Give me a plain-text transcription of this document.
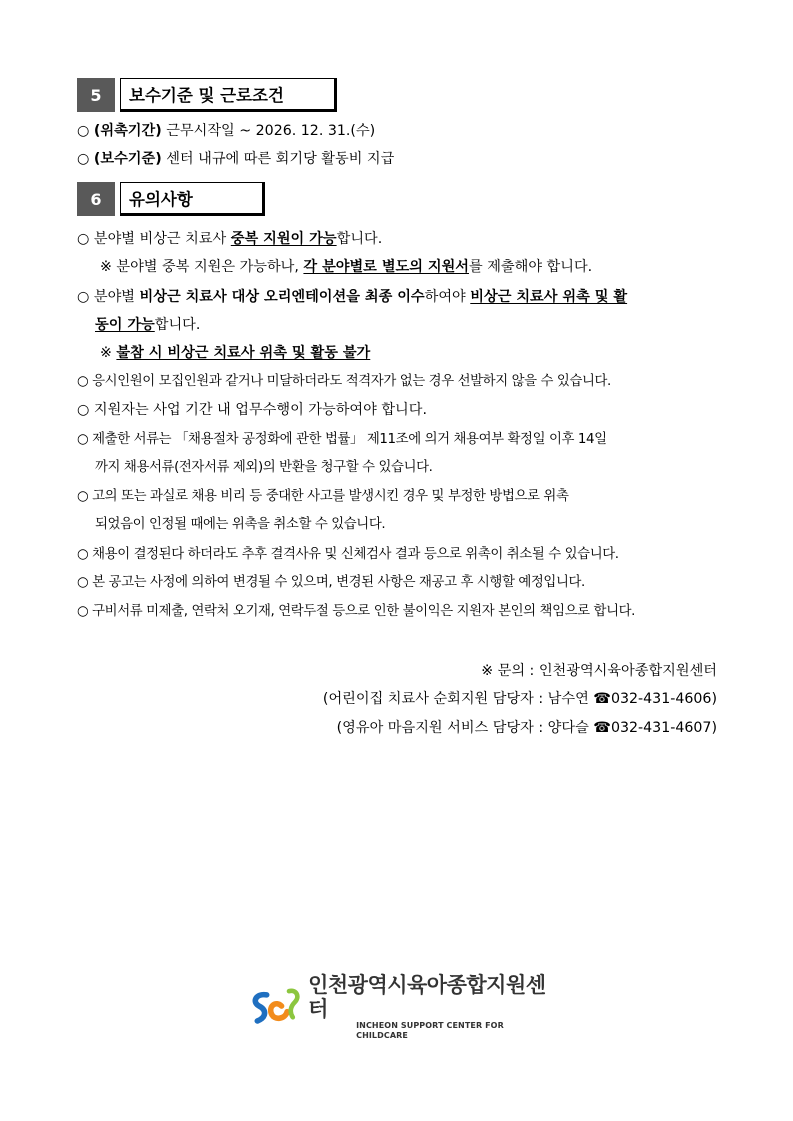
5	보수기준 및 근로조건
○ (위촉기간) 근무시작일 ~ 2026. 12. 31.(수)
○ (보수기준) 센터 내규에 따른 회기당 활동비 지급
6	유의사항
○ 분야별 비상근 치료사 중복 지원이 가능합니다.
※ 분야별 중복 지원은 가능하나, 각 분야별로 별도의 지원서를 제출해야 합니다.
○ 분야별 비상근 치료사 대상 오리엔테이션을 최종 이수하여야 비상근 치료사 위촉 및 활
동이 가능합니다.
※ 불참 시 비상근 치료사 위촉 및 활동 불가
○ 응시인원이 모집인원과 같거나 미달하더라도 적격자가 없는 경우 선발하지 않을 수 있습니다.
○ 지원자는 사업 기간 내 업무수행이 가능하여야 합니다.
○ 제출한 서류는 「채용절차 공정화에 관한 법률」 제11조에 의거 채용여부 확정일 이후 14일
까지 채용서류(전자서류 제외)의 반환을 청구할 수 있습니다.
○ 고의 또는 과실로 채용 비리 등 중대한 사고를 발생시킨 경우 및 부정한 방법으로 위촉
되었음이 인정될 때에는 위촉을 취소할 수 있습니다.
○ 채용이 결정된다 하더라도 추후 결격사유 및 신체검사 결과 등으로 위촉이 취소될 수 있습니다.
○ 본 공고는 사정에 의하여 변경될 수 있으며, 변경된 사항은 재공고 후 시행할 예정입니다.
○ 구비서류 미제출, 연락처 오기재, 연락두절 등으로 인한 불이익은 지원자 본인의 책임으로 합니다.
※ 문의 : 인천광역시육아종합지원센터
(어린이집 치료사 순회지원 담당자 : 남수연 ☎032-431-4606)
(영유아 마음지원 서비스 담당자 : 양다슬 ☎032-431-4607)
인천광역시육아종합지원센터
INCHEON SUPPORT CENTER FOR CHILDCARE
